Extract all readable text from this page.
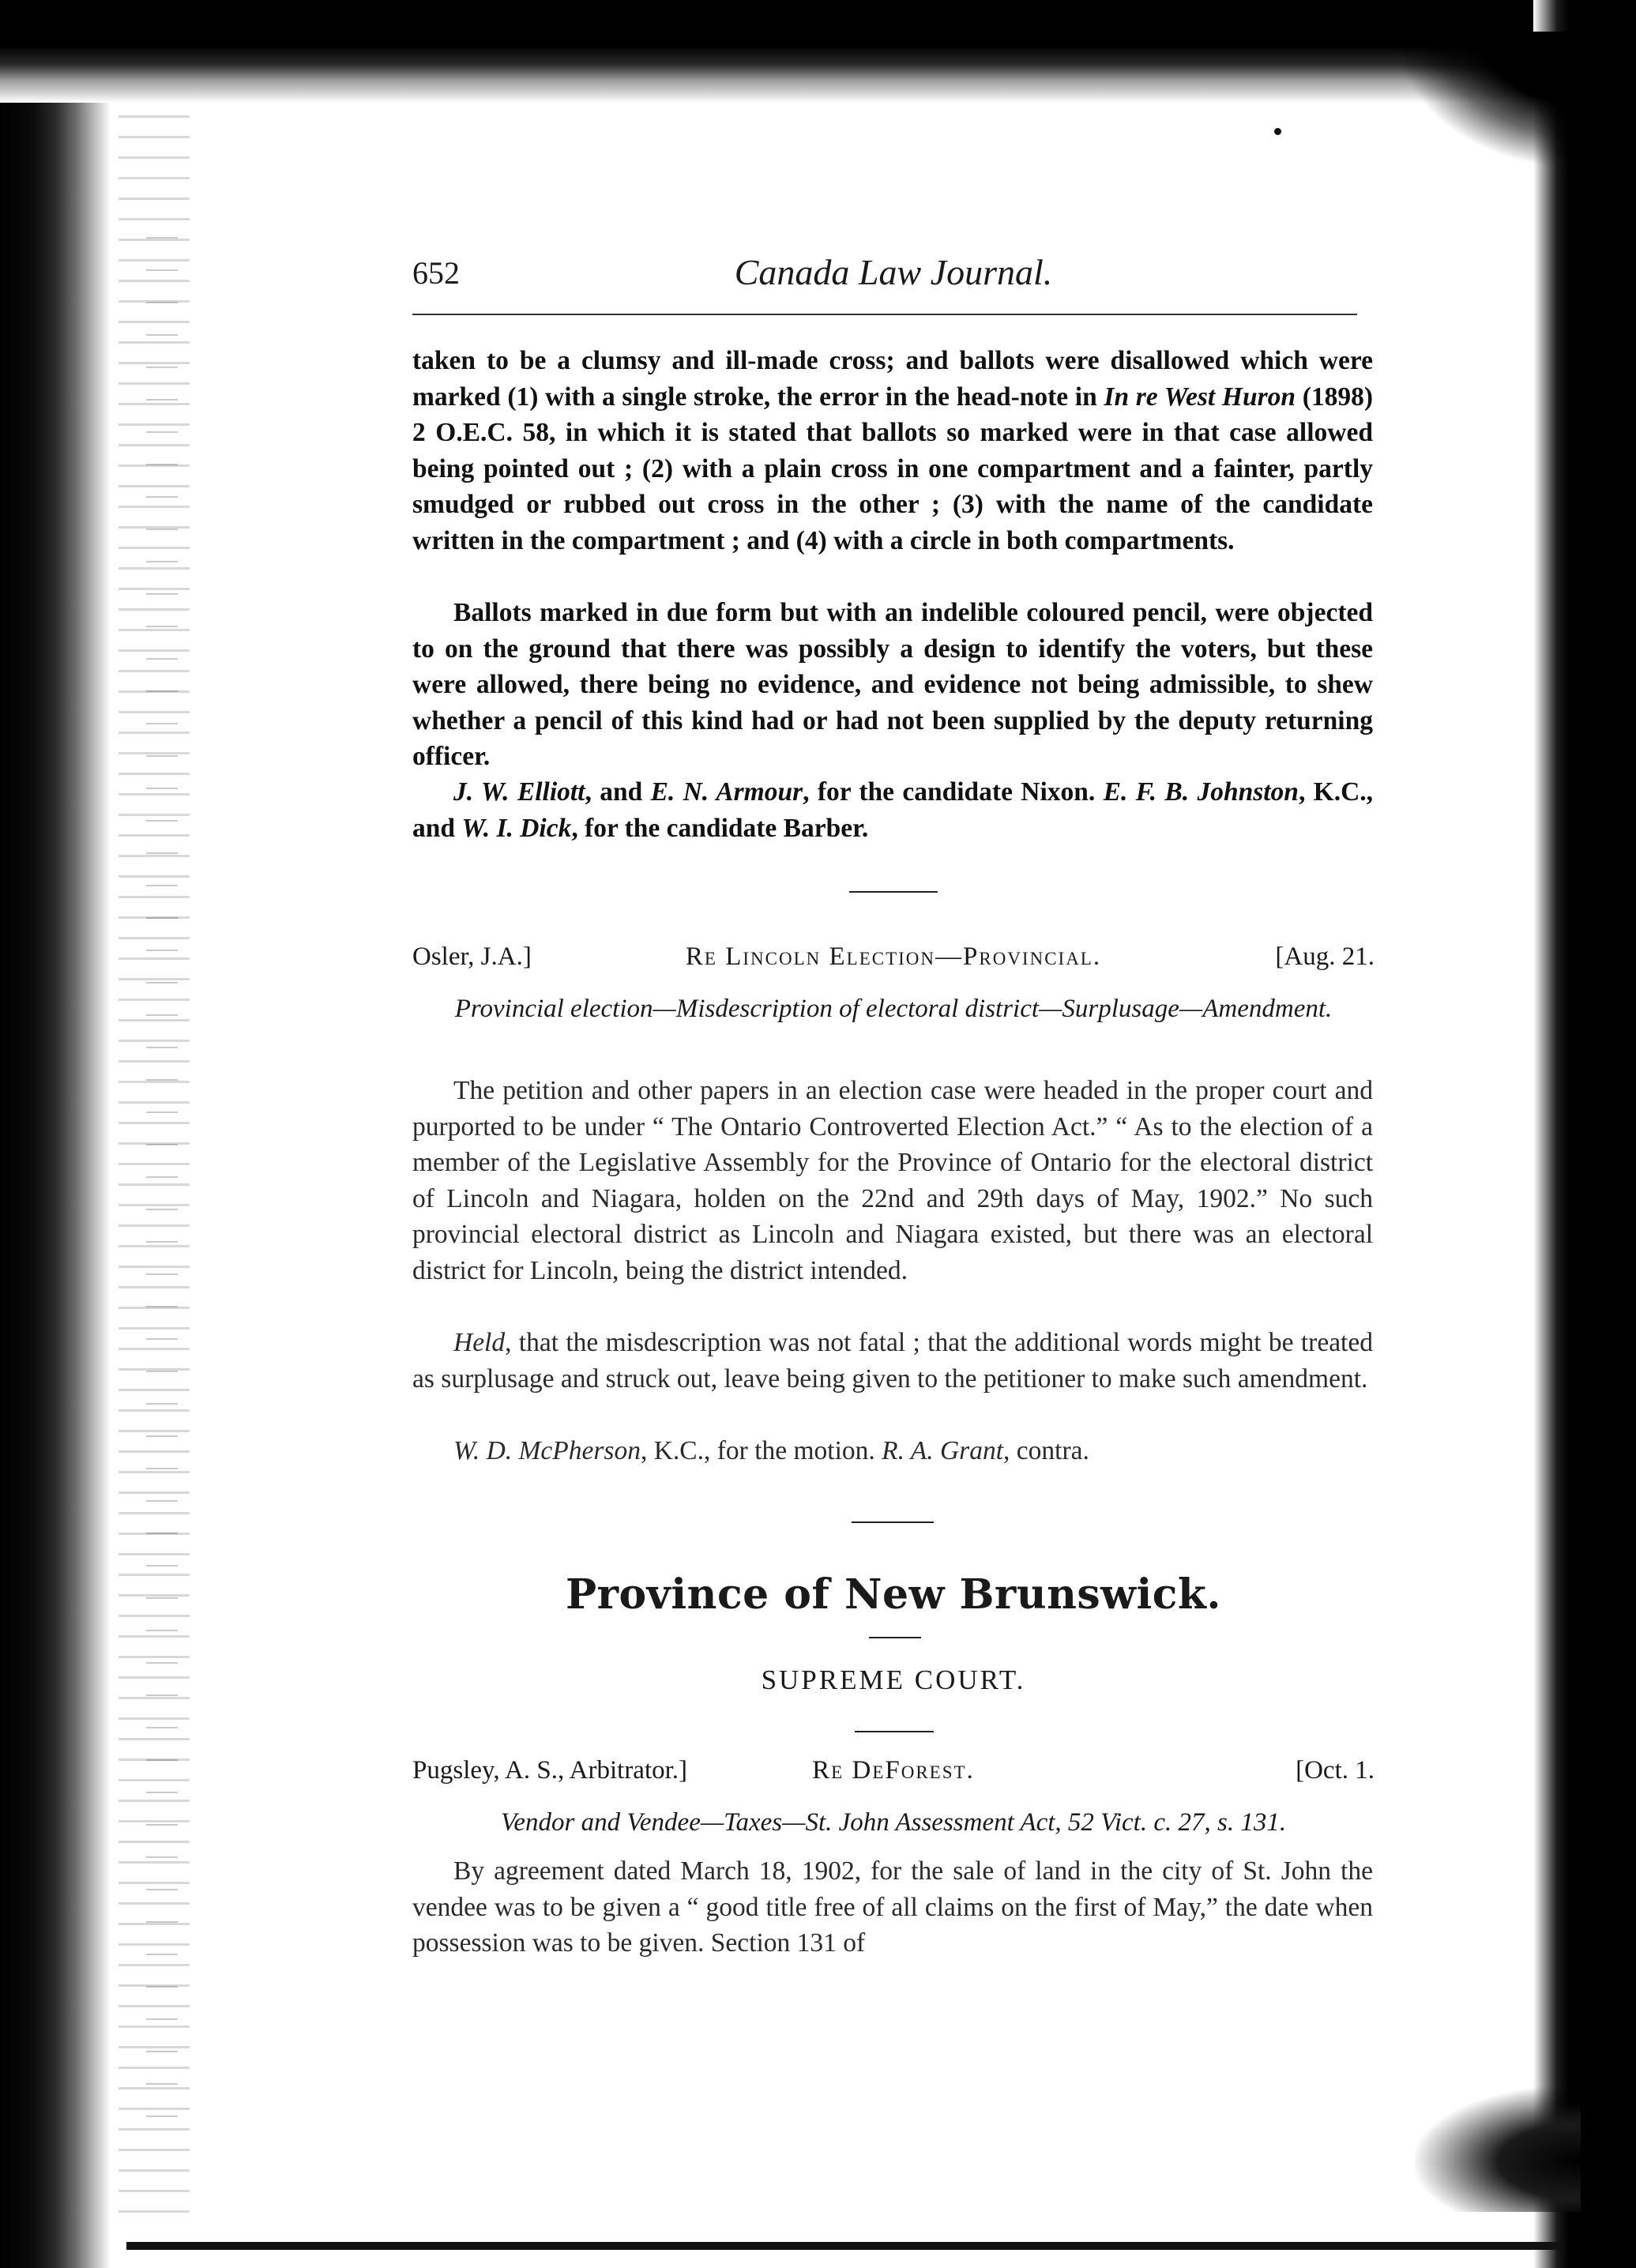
652	Canada Law Journal.

taken to be a clumsy and ill-made cross; and ballots were disallowed which were marked (1) with a single stroke, the error in the head-note in In re West Huron (1898) 2 O.E.C. 58, in which it is stated that ballots so marked were in that case allowed being pointed out ; (2) with a plain cross in one compartment and a fainter, partly smudged or rubbed out cross in the other ; (3) with the name of the candidate written in the compartment ; and (4) with a circle in both compartments.

Ballots marked in due form but with an indelible coloured pencil, were objected to on the ground that there was possibly a design to identify the voters, but these were allowed, there being no evidence, and evidence not being admissible, to shew whether a pencil of this kind had or had not been supplied by the deputy returning officer.

J. W. Elliott, and E. N. Armour, for the candidate Nixon. E. F. B. Johnston, K.C., and W. I. Dick, for the candidate Barber.

Osler, J.A.]	Re Lincoln Election—Provincial.	[Aug. 21.
Provincial election—Misdescription of electoral district—Surplusage—Amendment.

The petition and other papers in an election case were headed in the proper court and purported to be under “ The Ontario Controverted Election Act.” “ As to the election of a member of the Legislative Assembly for the Province of Ontario for the electoral district of Lincoln and Niagara, holden on the 22nd and 29th days of May, 1902.” No such provincial electoral district as Lincoln and Niagara existed, but there was an electoral district for Lincoln, being the district intended.

Held, that the misdescription was not fatal ; that the additional words might be treated as surplusage and struck out, leave being given to the petitioner to make such amendment.

W. D. McPherson, K.C., for the motion. R. A. Grant, contra.

Province of New Brunswick.
SUPREME COURT.
Pugsley, A. S., Arbitrator.]	Re DeForest.	[Oct. 1.
Vendor and Vendee—Taxes—St. John Assessment Act, 52 Vict. c. 27, s. 131.

By agreement dated March 18, 1902, for the sale of land in the city of St. John the vendee was to be given a “ good title free of all claims on the first of May,” the date when possession was to be given. Section 131 of
